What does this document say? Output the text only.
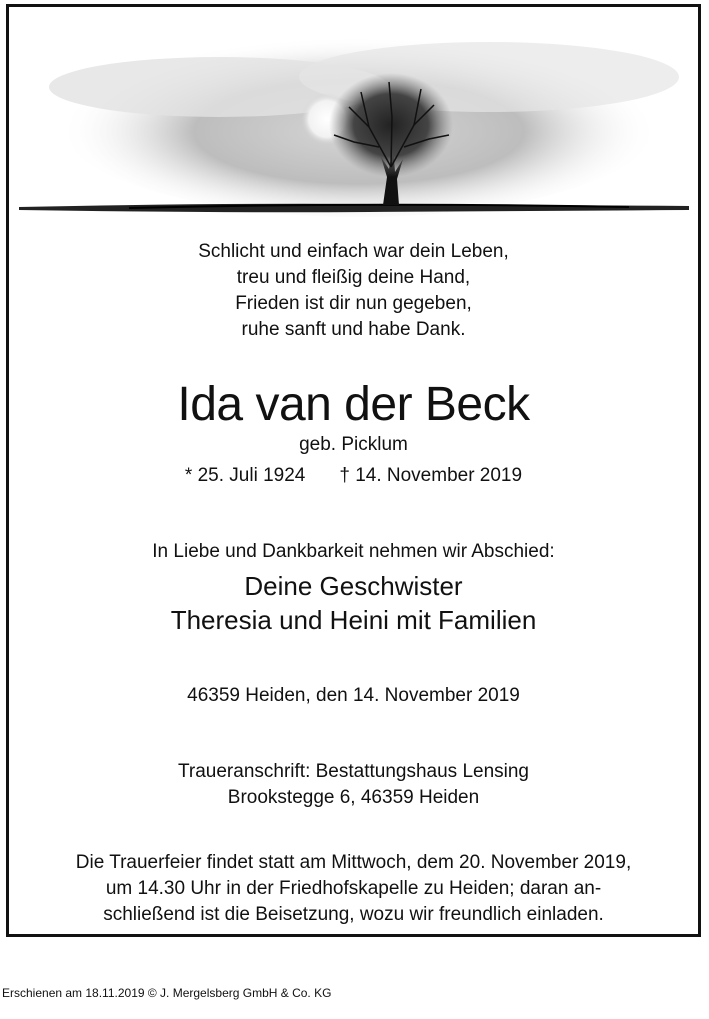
Schlicht und einfach war dein Leben,
treu und fleißig deine Hand,
Frieden ist dir nun gegeben,
ruhe sanft und habe Dank.
Ida van der Beck
geb. Picklum
* 25. Juli 1924 † 14. November 2019
In Liebe und Dankbarkeit nehmen wir Abschied:
Deine Geschwister
Theresia und Heini mit Familien
46359 Heiden, den 14. November 2019
Traueranschrift: Bestattungshaus Lensing
Brookstegge 6, 46359 Heiden
Die Trauerfeier findet statt am Mittwoch, dem 20. November 2019,
um 14.30 Uhr in der Friedhofskapelle zu Heiden; daran an-
schließend ist die Beisetzung, wozu wir freundlich einladen.
Erschienen am 18.11.2019 © J. Mergelsberg GmbH & Co. KG
